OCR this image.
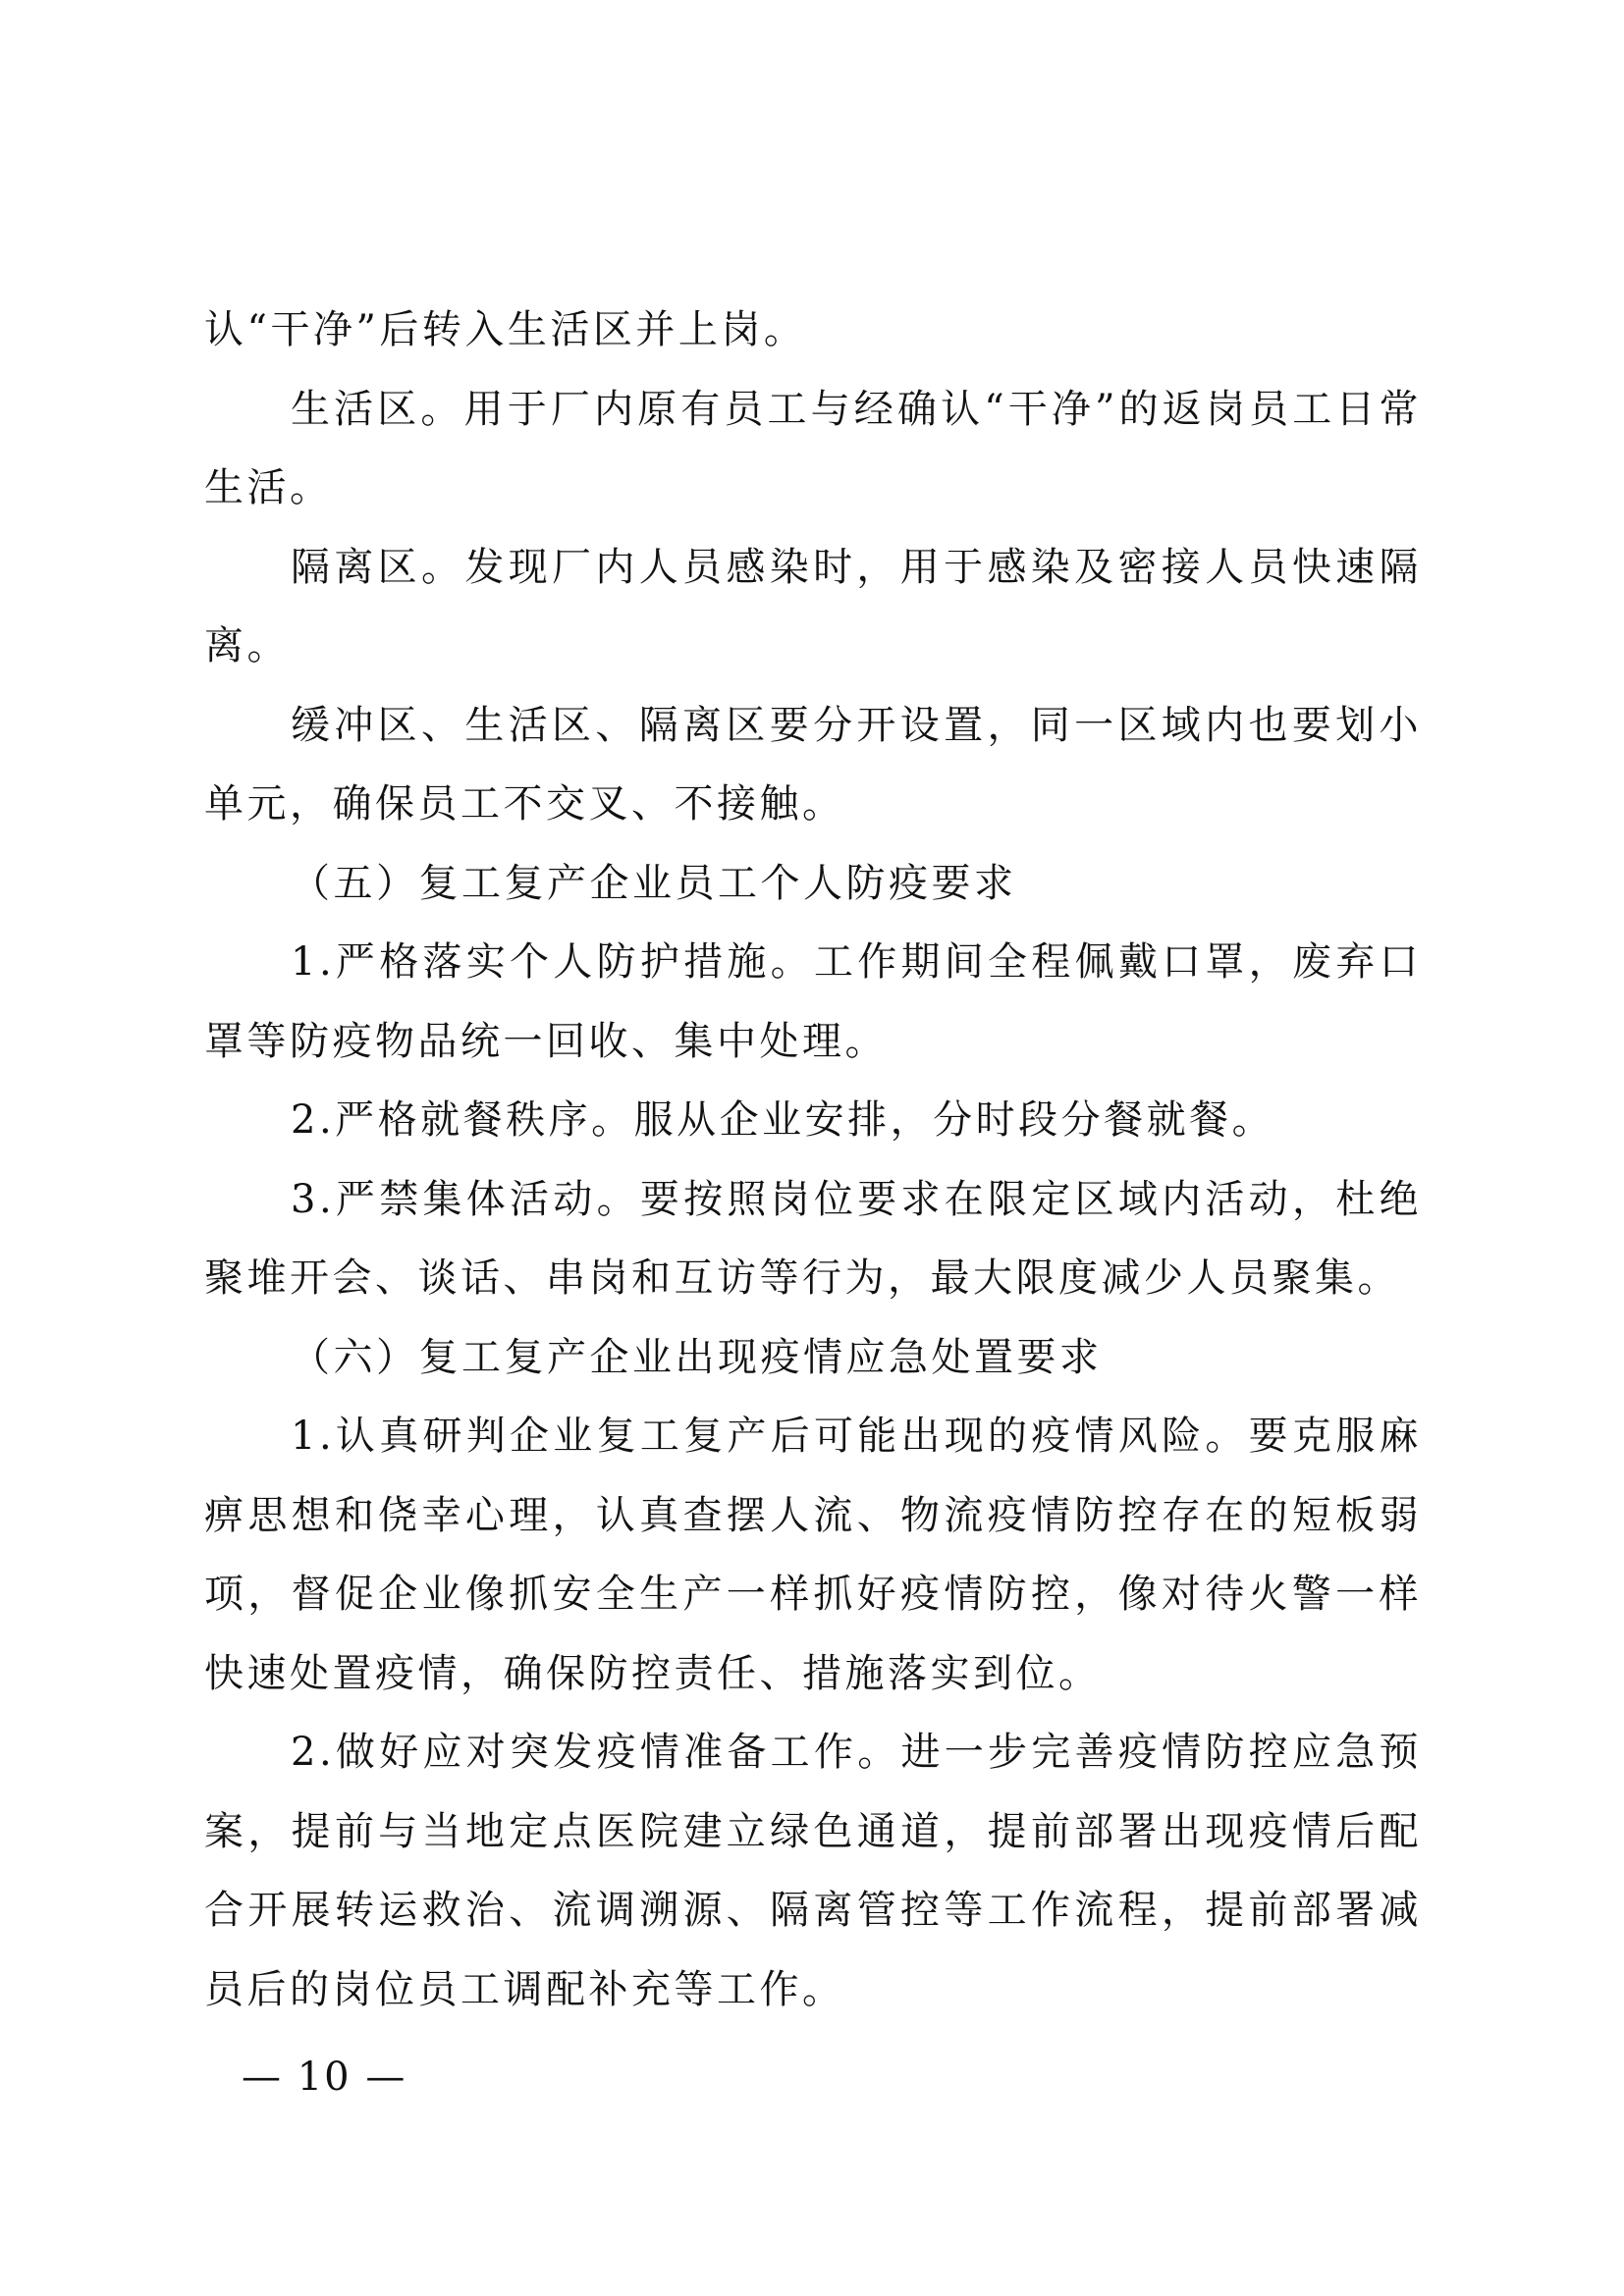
认“干净”后转入生活区并上岗。

生活区。用于厂内原有员工与经确认“干净”的返岗员工日常生活。

隔离区。发现厂内人员感染时，用于感染及密接人员快速隔离。

缓冲区、生活区、隔离区要分开设置，同一区域内也要划小单元，确保员工不交叉、不接触。

（五）复工复产企业员工个人防疫要求

1.严格落实个人防护措施。工作期间全程佩戴口罩，废弃口罩等防疫物品统一回收、集中处理。

2.严格就餐秩序。服从企业安排，分时段分餐就餐。

3.严禁集体活动。要按照岗位要求在限定区域内活动，杜绝聚堆开会、谈话、串岗和互访等行为，最大限度减少人员聚集。

（六）复工复产企业出现疫情应急处置要求

1.认真研判企业复工复产后可能出现的疫情风险。要克服麻痹思想和侥幸心理，认真查摆人流、物流疫情防控存在的短板弱项，督促企业像抓安全生产一样抓好疫情防控，像对待火警一样快速处置疫情，确保防控责任、措施落实到位。

2.做好应对突发疫情准备工作。进一步完善疫情防控应急预案，提前与当地定点医院建立绿色通道，提前部署出现疫情后配合开展转运救治、流调溯源、隔离管控等工作流程，提前部署减员后的岗位员工调配补充等工作。

— 10 —
